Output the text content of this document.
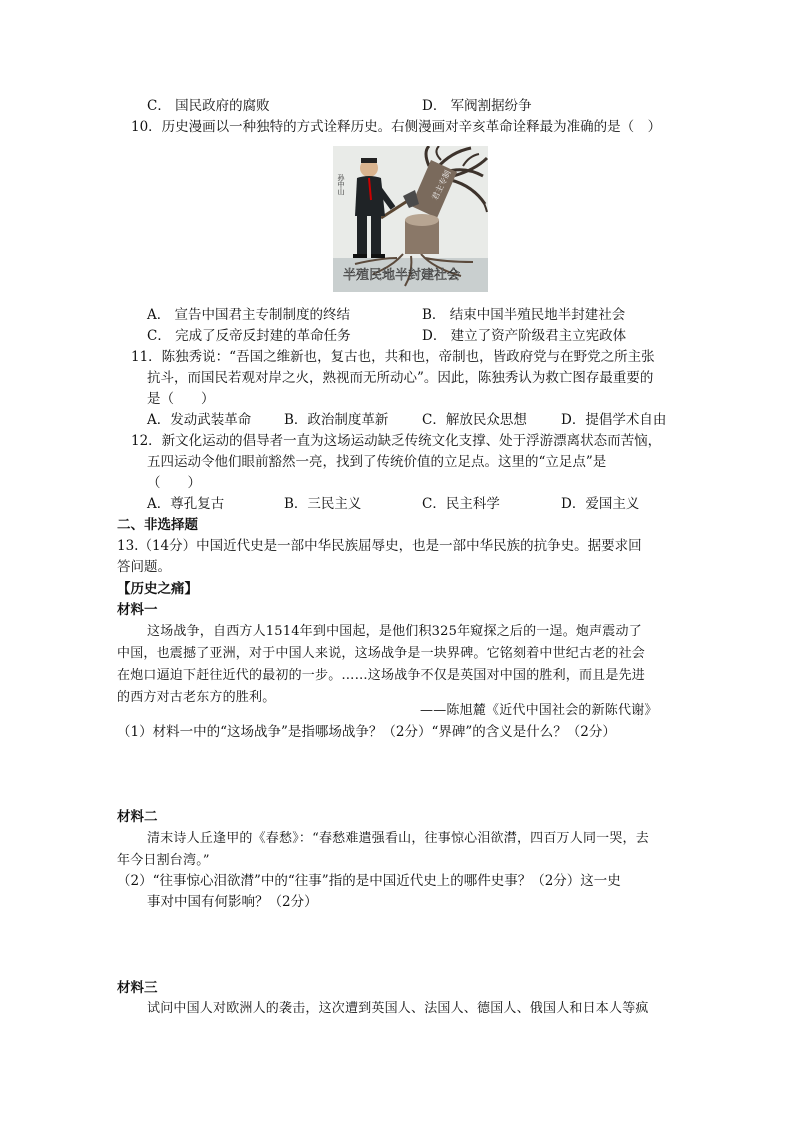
C． 国民政府的腐败	D． 军阀割据纷争
10．历史漫画以一种独特的方式诠释历史。右侧漫画对辛亥革命诠释最为准确的是（　）
君主专制
孙中山
半殖民地半封建社会
A． 宣告中国君主专制制度的终结	B． 结束中国半殖民地半封建社会
C． 完成了反帝反封建的革命任务	D． 建立了资产阶级君主立宪政体
11．陈独秀说：“吾国之维新也，复古也，共和也，帝制也，皆政府党与在野党之所主张
抗斗，而国民若观对岸之火，熟视而无所动心”。因此，陈独秀认为救亡图存最重要的
是（　　）
A．发动武装革命 B．政治制度革新 C．解放民众思想	D．提倡学术自由
12．新文化运动的倡导者一直为这场运动缺乏传统文化支撑、处于浮游漂离状态而苦恼，
五四运动令他们眼前豁然一亮，找到了传统价值的立足点。这里的“立足点”是
（　　）
A．尊孔复古	B．三民主义	C．民主科学	D．爱国主义
二、非选择题
13.（14分）中国近代史是一部中华民族屈辱史，也是一部中华民族的抗争史。据要求回
答问题。
【历史之痛】
材料一
这场战争，自西方人1514年到中国起，是他们积325年窥探之后的一逞。炮声震动了
中国，也震撼了亚洲，对于中国人来说，这场战争是一块界碑。它铭刻着中世纪古老的社会
在炮口逼迫下赶往近代的最初的一步。……这场战争不仅是英国对中国的胜利，而且是先进
的西方对古老东方的胜利。
——陈旭麓《近代中国社会的新陈代谢》
（1）材料一中的“这场战争”是指哪场战争？（2分）“界碑”的含义是什么？（2分）
材料二
清末诗人丘逢甲的《春愁》：“春愁难遣强看山，往事惊心泪欲潸，四百万人同一哭，去
年今日割台湾。”
（2）“往事惊心泪欲潸”中的“往事”指的是中国近代史上的哪件史事？（2分）这一史
事对中国有何影响？（2分）
材料三
试问中国人对欧洲人的袭击，这次遭到英国人、法国人、德国人、俄国人和日本人等疯
